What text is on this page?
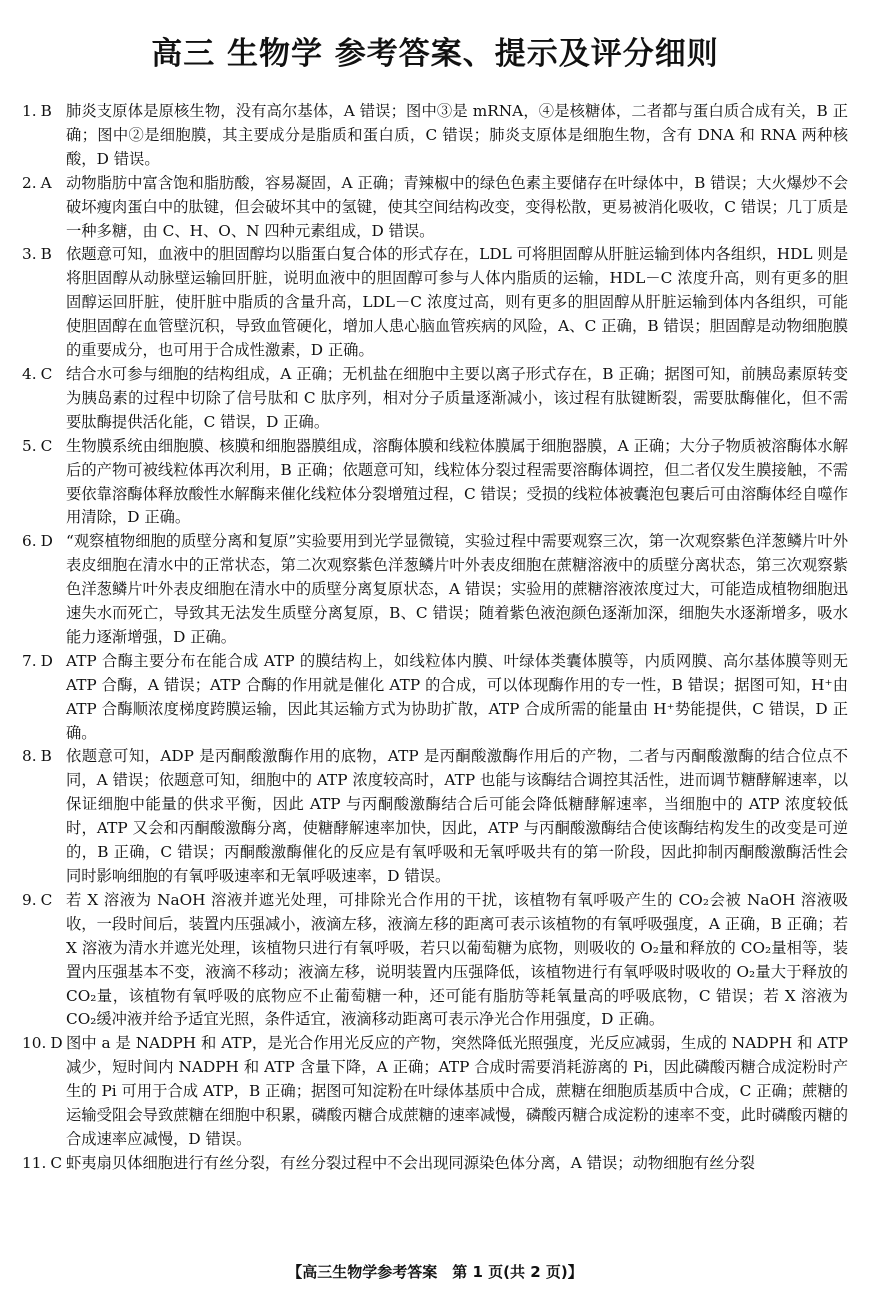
高三 生物学 参考答案、提示及评分细则
1. B 肺炎支原体是原核生物，没有高尔基体，A 错误；图中③是 mRNA，④是核糖体，二者都与蛋白质合成有关，B 正确；图中②是细胞膜，其主要成分是脂质和蛋白质，C 错误；肺炎支原体是细胞生物，含有 DNA 和 RNA 两种核酸，D 错误。
2. A 动物脂肪中富含饱和脂肪酸，容易凝固，A 正确；青辣椒中的绿色色素主要储存在叶绿体中，B 错误；大火爆炒不会破坏瘦肉蛋白中的肽键，但会破坏其中的氢键，使其空间结构改变，变得松散，更易被消化吸收，C 错误；几丁质是一种多糖，由 C、H、O、N 四种元素组成，D 错误。
3. B 依题意可知，血液中的胆固醇均以脂蛋白复合体的形式存在，LDL 可将胆固醇从肝脏运输到体内各组织，HDL 则是将胆固醇从动脉壁运输回肝脏，说明血液中的胆固醇可参与人体内脂质的运输，HDL－C 浓度升高，则有更多的胆固醇运回肝脏，使肝脏中脂质的含量升高，LDL－C 浓度过高，则有更多的胆固醇从肝脏运输到体内各组织，可能使胆固醇在血管壁沉积，导致血管硬化，增加人患心脑血管疾病的风险，A、C 正确，B 错误；胆固醇是动物细胞膜的重要成分，也可用于合成性激素，D 正确。
4. C 结合水可参与细胞的结构组成，A 正确；无机盐在细胞中主要以离子形式存在，B 正确；据图可知，前胰岛素原转变为胰岛素的过程中切除了信号肽和 C 肽序列，相对分子质量逐渐减小，该过程有肽键断裂，需要肽酶催化，但不需要肽酶提供活化能，C 错误，D 正确。
5. C 生物膜系统由细胞膜、核膜和细胞器膜组成，溶酶体膜和线粒体膜属于细胞器膜，A 正确；大分子物质被溶酶体水解后的产物可被线粒体再次利用，B 正确；依题意可知，线粒体分裂过程需要溶酶体调控，但二者仅发生膜接触，不需要依靠溶酶体释放酸性水解酶来催化线粒体分裂增殖过程，C 错误；受损的线粒体被囊泡包裹后可由溶酶体经自噬作用清除，D 正确。
6. D “观察植物细胞的质壁分离和复原”实验要用到光学显微镜，实验过程中需要观察三次，第一次观察紫色洋葱鳞片叶外表皮细胞在清水中的正常状态，第二次观察紫色洋葱鳞片叶外表皮细胞在蔗糖溶液中的质壁分离状态，第三次观察紫色洋葱鳞片叶外表皮细胞在清水中的质壁分离复原状态，A 错误；实验用的蔗糖溶液浓度过大，可能造成植物细胞迅速失水而死亡，导致其无法发生质壁分离复原，B、C 错误；随着紫色液泡颜色逐渐加深，细胞失水逐渐增多，吸水能力逐渐增强，D 正确。
7. D ATP 合酶主要分布在能合成 ATP 的膜结构上，如线粒体内膜、叶绿体类囊体膜等，内质网膜、高尔基体膜等则无 ATP 合酶，A 错误；ATP 合酶的作用就是催化 ATP 的合成，可以体现酶作用的专一性，B 错误；据图可知，H⁺由 ATP 合酶顺浓度梯度跨膜运输，因此其运输方式为协助扩散，ATP 合成所需的能量由 H⁺势能提供，C 错误，D 正确。
8. B 依题意可知，ADP 是丙酮酸激酶作用的底物，ATP 是丙酮酸激酶作用后的产物，二者与丙酮酸激酶的结合位点不同，A 错误；依题意可知，细胞中的 ATP 浓度较高时，ATP 也能与该酶结合调控其活性，进而调节糖酵解速率，以保证细胞中能量的供求平衡，因此 ATP 与丙酮酸激酶结合后可能会降低糖酵解速率，当细胞中的 ATP 浓度较低时，ATP 又会和丙酮酸激酶分离，使糖酵解速率加快，因此，ATP 与丙酮酸激酶结合使该酶结构发生的改变是可逆的，B 正确，C 错误；丙酮酸激酶催化的反应是有氧呼吸和无氧呼吸共有的第一阶段，因此抑制丙酮酸激酶活性会同时影响细胞的有氧呼吸速率和无氧呼吸速率，D 错误。
9. C 若 X 溶液为 NaOH 溶液并遮光处理，可排除光合作用的干扰，该植物有氧呼吸产生的 CO₂会被 NaOH 溶液吸收，一段时间后，装置内压强减小，液滴左移，液滴左移的距离可表示该植物的有氧呼吸强度，A 正确，B 正确；若 X 溶液为清水并遮光处理，该植物只进行有氧呼吸，若只以葡萄糖为底物，则吸收的 O₂量和释放的 CO₂量相等，装置内压强基本不变，液滴不移动；液滴左移，说明装置内压强降低，该植物进行有氧呼吸时吸收的 O₂量大于释放的 CO₂量，该植物有氧呼吸的底物应不止葡萄糖一种，还可能有脂肪等耗氧量高的呼吸底物，C 错误；若 X 溶液为 CO₂缓冲液并给予适宜光照，条件适宜，液滴移动距离可表示净光合作用强度，D 正确。
10. D 图中 a 是 NADPH 和 ATP，是光合作用光反应的产物，突然降低光照强度，光反应减弱，生成的 NADPH 和 ATP 减少，短时间内 NADPH 和 ATP 含量下降，A 正确；ATP 合成时需要消耗游离的 Pi，因此磷酸丙糖合成淀粉时产生的 Pi 可用于合成 ATP，B 正确；据图可知淀粉在叶绿体基质中合成，蔗糖在细胞质基质中合成，C 正确；蔗糖的运输受阻会导致蔗糖在细胞中积累，磷酸丙糖合成蔗糖的速率减慢，磷酸丙糖合成淀粉的速率不变，此时磷酸丙糖的合成速率应减慢，D 错误。
11. C 虾夷扇贝体细胞进行有丝分裂，有丝分裂过程中不会出现同源染色体分离，A 错误；动物细胞有丝分裂
【高三生物学参考答案　第 1 页(共 2 页)】
